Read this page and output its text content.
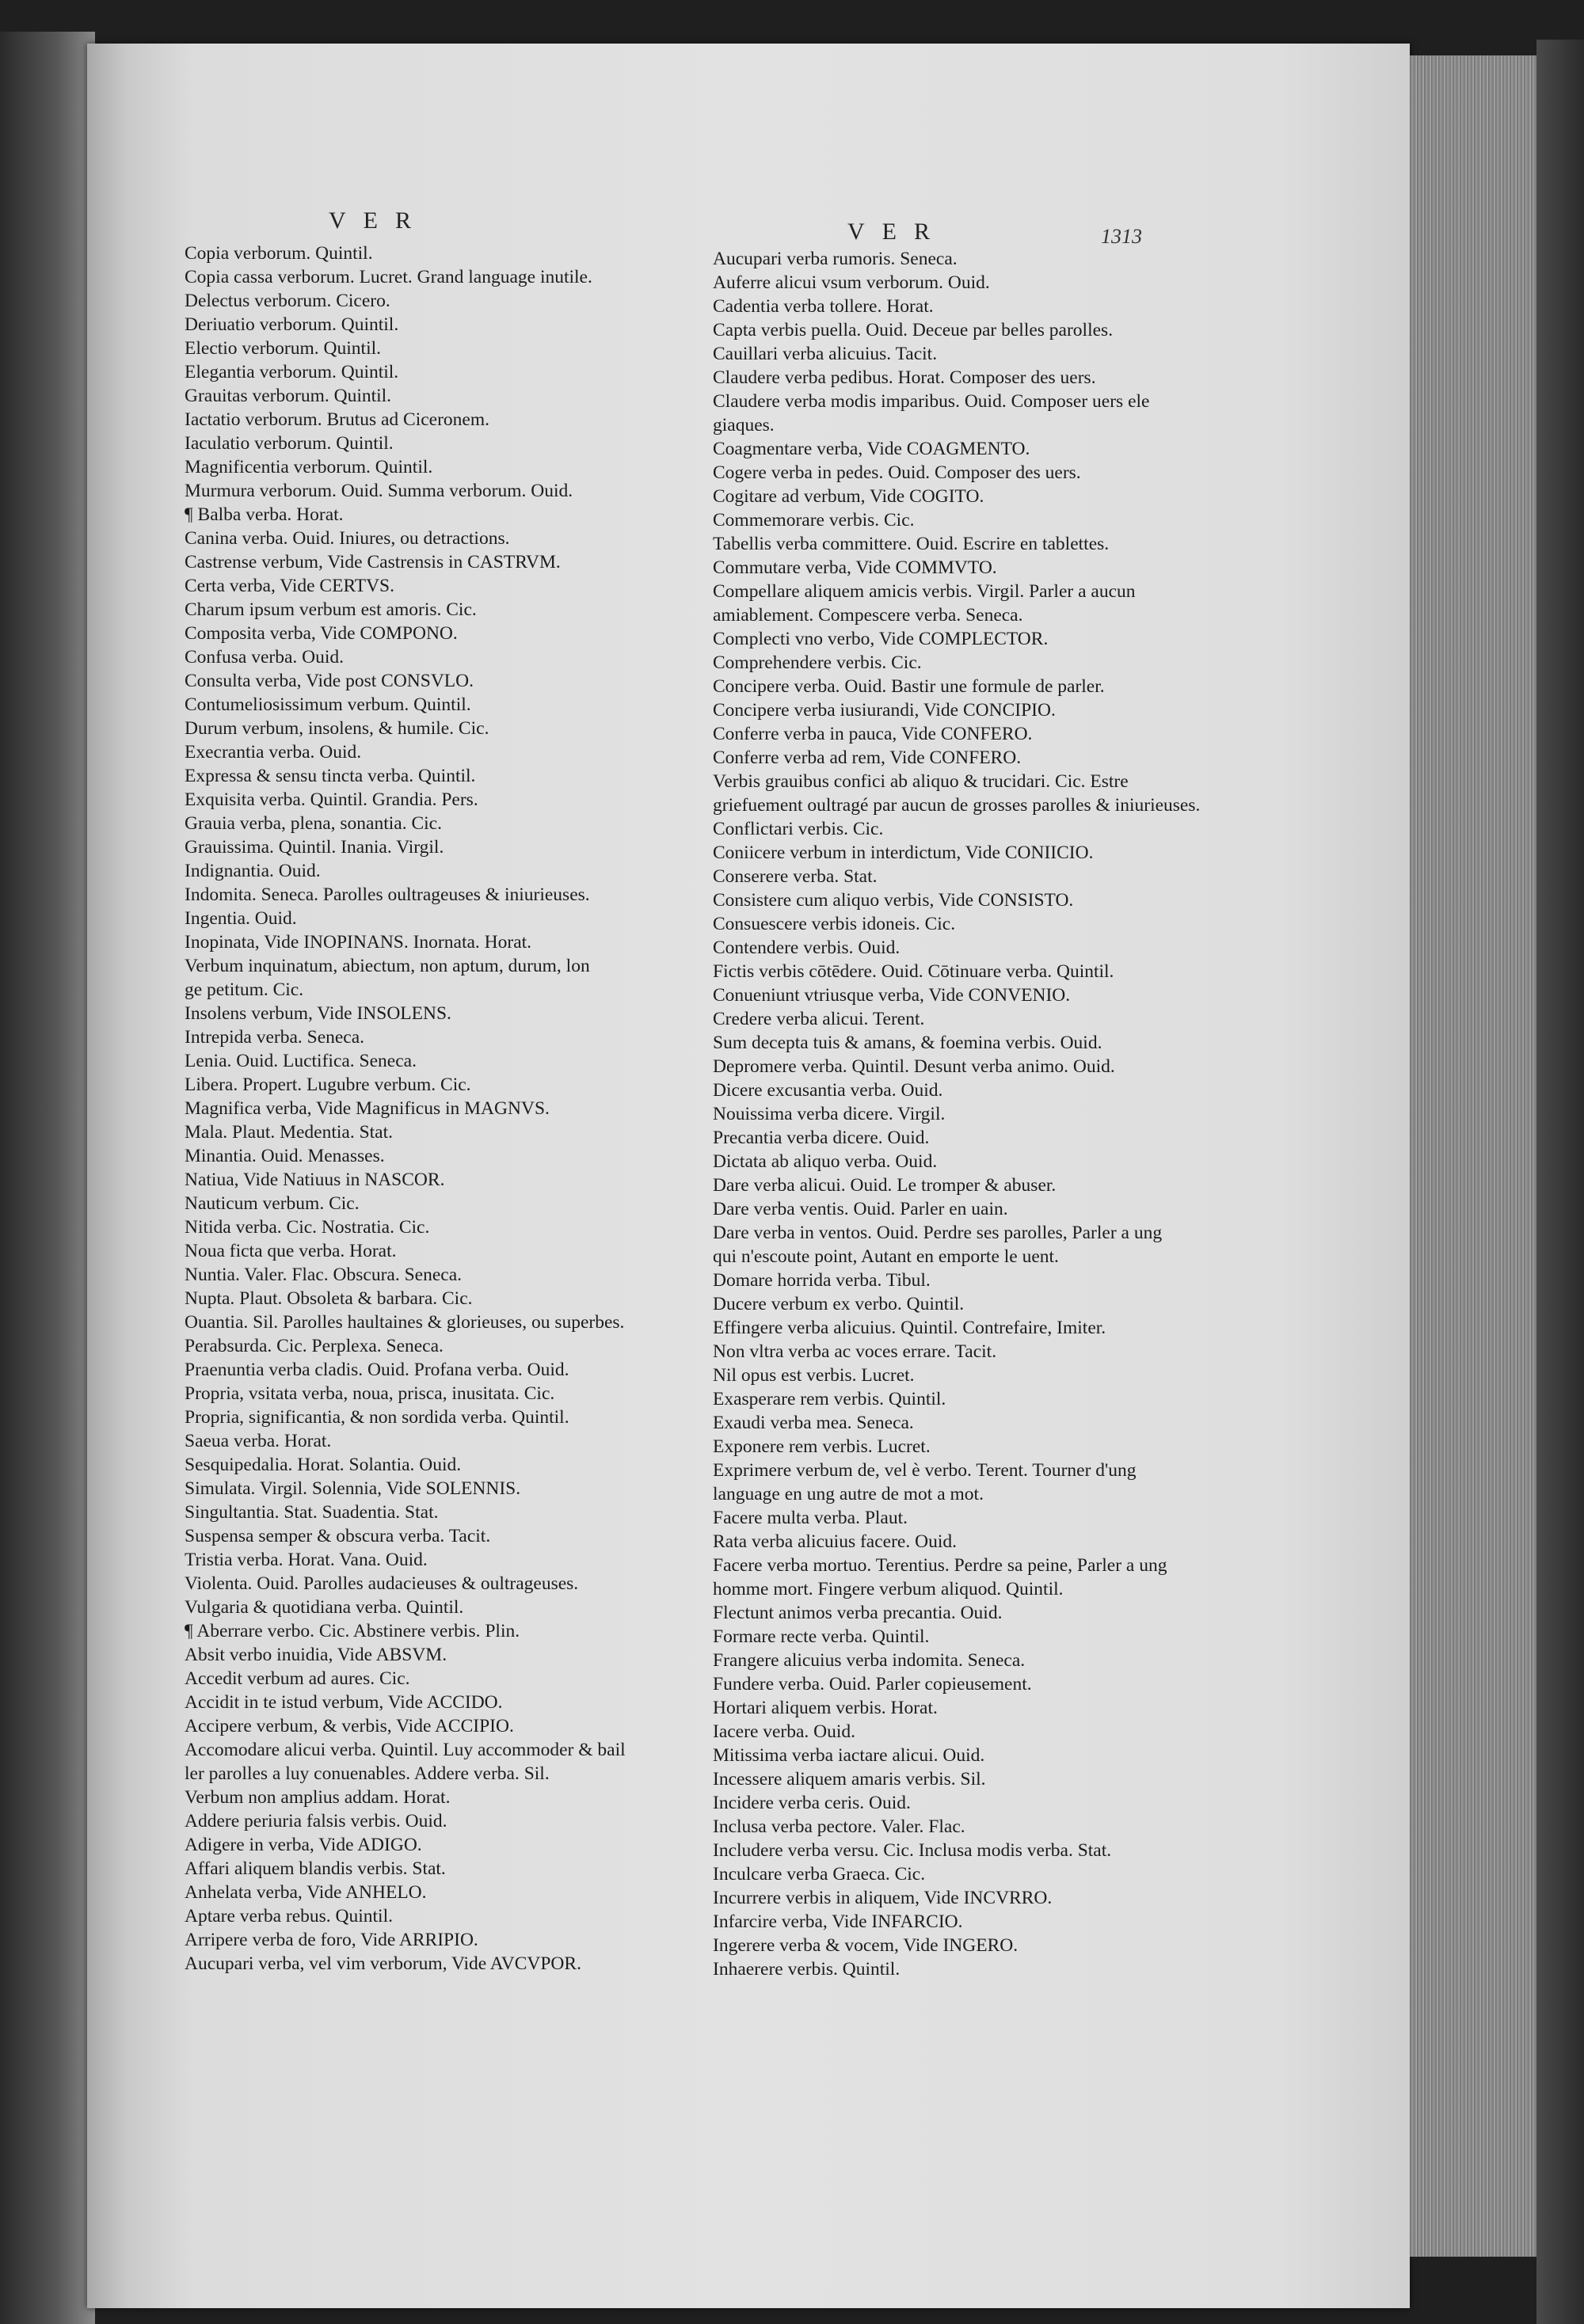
VER	VER	1313
Copia verborum. Quintil.
Copia cassa verborum. Lucret. Grand language inutile.
Delectus verborum. Cicero.
Deriuatio verborum. Quintil.
Electio verborum. Quintil.
Elegantia verborum. Quintil.
Grauitas verborum. Quintil.
Iactatio verborum. Brutus ad Ciceronem.
Iaculatio verborum. Quintil.
Magnificentia verborum. Quintil.
Murmura verborum. Ouid. Summa verborum. Ouid.
¶ Balba verba. Horat.
Canina verba. Ouid. Iniures, ou detractions.
Castrense verbum, Vide Castrensis in CASTRVM.
Certa verba, Vide CERTVS.
Charum ipsum verbum est amoris. Cic.
Composita verba, Vide COMPONO.
Confusa verba. Ouid.
Consulta verba, Vide post CONSVLO.
Contumeliosissimum verbum. Quintil.
Durum verbum, insolens, & humile. Cic.
Execrantia verba. Ouid.
Expressa & sensu tincta verba. Quintil.
Exquisita verba. Quintil. Grandia. Pers.
Grauia verba, plena, sonantia. Cic.
Grauissima. Quintil. Inania. Virgil.
Indignantia. Ouid.
Indomita. Seneca. Parolles oultrageuses & iniurieuses.
Ingentia. Ouid.
Inopinata, Vide INOPINANS. Inornata. Horat.
Verbum inquinatum, abiectum, non aptum, durum, lon
ge petitum. Cic.
Insolens verbum, Vide INSOLENS.
Intrepida verba. Seneca.
Lenia. Ouid. Luctifica. Seneca.
Libera. Propert. Lugubre verbum. Cic.
Magnifica verba, Vide Magnificus in MAGNVS.
Mala. Plaut. Medentia. Stat.
Minantia. Ouid. Menasses.
Natiua, Vide Natiuus in NASCOR.
Nauticum verbum. Cic.
Nitida verba. Cic. Nostratia. Cic.
Noua ficta que verba. Horat.
Nuntia. Valer. Flac. Obscura. Seneca.
Nupta. Plaut. Obsoleta & barbara. Cic.
Ouantia. Sil. Parolles haultaines & glorieuses, ou superbes.
Perabsurda. Cic. Perplexa. Seneca.
Praenuntia verba cladis. Ouid. Profana verba. Ouid.
Propria, vsitata verba, noua, prisca, inusitata. Cic.
Propria, significantia, & non sordida verba. Quintil.
Saeua verba. Horat.
Sesquipedalia. Horat. Solantia. Ouid.
Simulata. Virgil. Solennia, Vide SOLENNIS.
Singultantia. Stat. Suadentia. Stat.
Suspensa semper & obscura verba. Tacit.
Tristia verba. Horat. Vana. Ouid.
Violenta. Ouid. Parolles audacieuses & oultrageuses.
Vulgaria & quotidiana verba. Quintil.
¶ Aberrare verbo. Cic. Abstinere verbis. Plin.
Absit verbo inuidia, Vide ABSVM.
Accedit verbum ad aures. Cic.
Accidit in te istud verbum, Vide ACCIDO.
Accipere verbum, & verbis, Vide ACCIPIO.
Accomodare alicui verba. Quintil. Luy accommoder & bail
ler parolles a luy conuenables. Addere verba. Sil.
Verbum non amplius addam. Horat.
Addere periuria falsis verbis. Ouid.
Adigere in verba, Vide ADIGO.
Affari aliquem blandis verbis. Stat.
Anhelata verba, Vide ANHELO.
Aptare verba rebus. Quintil.
Arripere verba de foro, Vide ARRIPIO.
Aucupari verba, vel vim verborum, Vide AVCVPOR.
Aucupari verba rumoris. Seneca.
Auferre alicui vsum verborum. Ouid.
Cadentia verba tollere. Horat.
Capta verbis puella. Ouid. Deceue par belles parolles.
Cauillari verba alicuius. Tacit.
Claudere verba pedibus. Horat. Composer des uers.
Claudere verba modis imparibus. Ouid. Composer uers ele
giaques.
Coagmentare verba, Vide COAGMENTO.
Cogere verba in pedes. Ouid. Composer des uers.
Cogitare ad verbum, Vide COGITO.
Commemorare verbis. Cic.
Tabellis verba committere. Ouid. Escrire en tablettes.
Commutare verba, Vide COMMVTO.
Compellare aliquem amicis verbis. Virgil. Parler a aucun
amiablement. Compescere verba. Seneca.
Complecti vno verbo, Vide COMPLECTOR.
Comprehendere verbis. Cic.
Concipere verba. Ouid. Bastir une formule de parler.
Concipere verba iusiurandi, Vide CONCIPIO.
Conferre verba in pauca, Vide CONFERO.
Conferre verba ad rem, Vide CONFERO.
Verbis grauibus confici ab aliquo & trucidari. Cic. Estre
griefuement oultragé par aucun de grosses parolles & iniurieuses.
Conflictari verbis. Cic.
Coniicere verbum in interdictum, Vide CONIICIO.
Conserere verba. Stat.
Consistere cum aliquo verbis, Vide CONSISTO.
Consuescere verbis idoneis. Cic.
Contendere verbis. Ouid.
Fictis verbis cōtēdere. Ouid. Cōtinuare verba. Quintil.
Conueniunt vtriusque verba, Vide CONVENIO.
Credere verba alicui. Terent.
Sum decepta tuis & amans, & foemina verbis. Ouid.
Depromere verba. Quintil. Desunt verba animo. Ouid.
Dicere excusantia verba. Ouid.
Nouissima verba dicere. Virgil.
Precantia verba dicere. Ouid.
Dictata ab aliquo verba. Ouid.
Dare verba alicui. Ouid. Le tromper & abuser.
Dare verba ventis. Ouid. Parler en uain.
Dare verba in ventos. Ouid. Perdre ses parolles, Parler a ung
qui n'escoute point, Autant en emporte le uent.
Domare horrida verba. Tibul.
Ducere verbum ex verbo. Quintil.
Effingere verba alicuius. Quintil. Contrefaire, Imiter.
Non vltra verba ac voces errare. Tacit.
Nil opus est verbis. Lucret.
Exasperare rem verbis. Quintil.
Exaudi verba mea. Seneca.
Exponere rem verbis. Lucret.
Exprimere verbum de, vel è verbo. Terent. Tourner d'ung
language en ung autre de mot a mot.
Facere multa verba. Plaut.
Rata verba alicuius facere. Ouid.
Facere verba mortuo. Terentius. Perdre sa peine, Parler a ung
homme mort. Fingere verbum aliquod. Quintil.
Flectunt animos verba precantia. Ouid.
Formare recte verba. Quintil.
Frangere alicuius verba indomita. Seneca.
Fundere verba. Ouid. Parler copieusement.
Hortari aliquem verbis. Horat.
Iacere verba. Ouid.
Mitissima verba iactare alicui. Ouid.
Incessere aliquem amaris verbis. Sil.
Incidere verba ceris. Ouid.
Inclusa verba pectore. Valer. Flac.
Includere verba versu. Cic. Inclusa modis verba. Stat.
Inculcare verba Graeca. Cic.
Incurrere verbis in aliquem, Vide INCVRRO.
Infarcire verba, Vide INFARCIO.
Ingerere verba & vocem, Vide INGERO.
Inhaerere verbis. Quintil.
